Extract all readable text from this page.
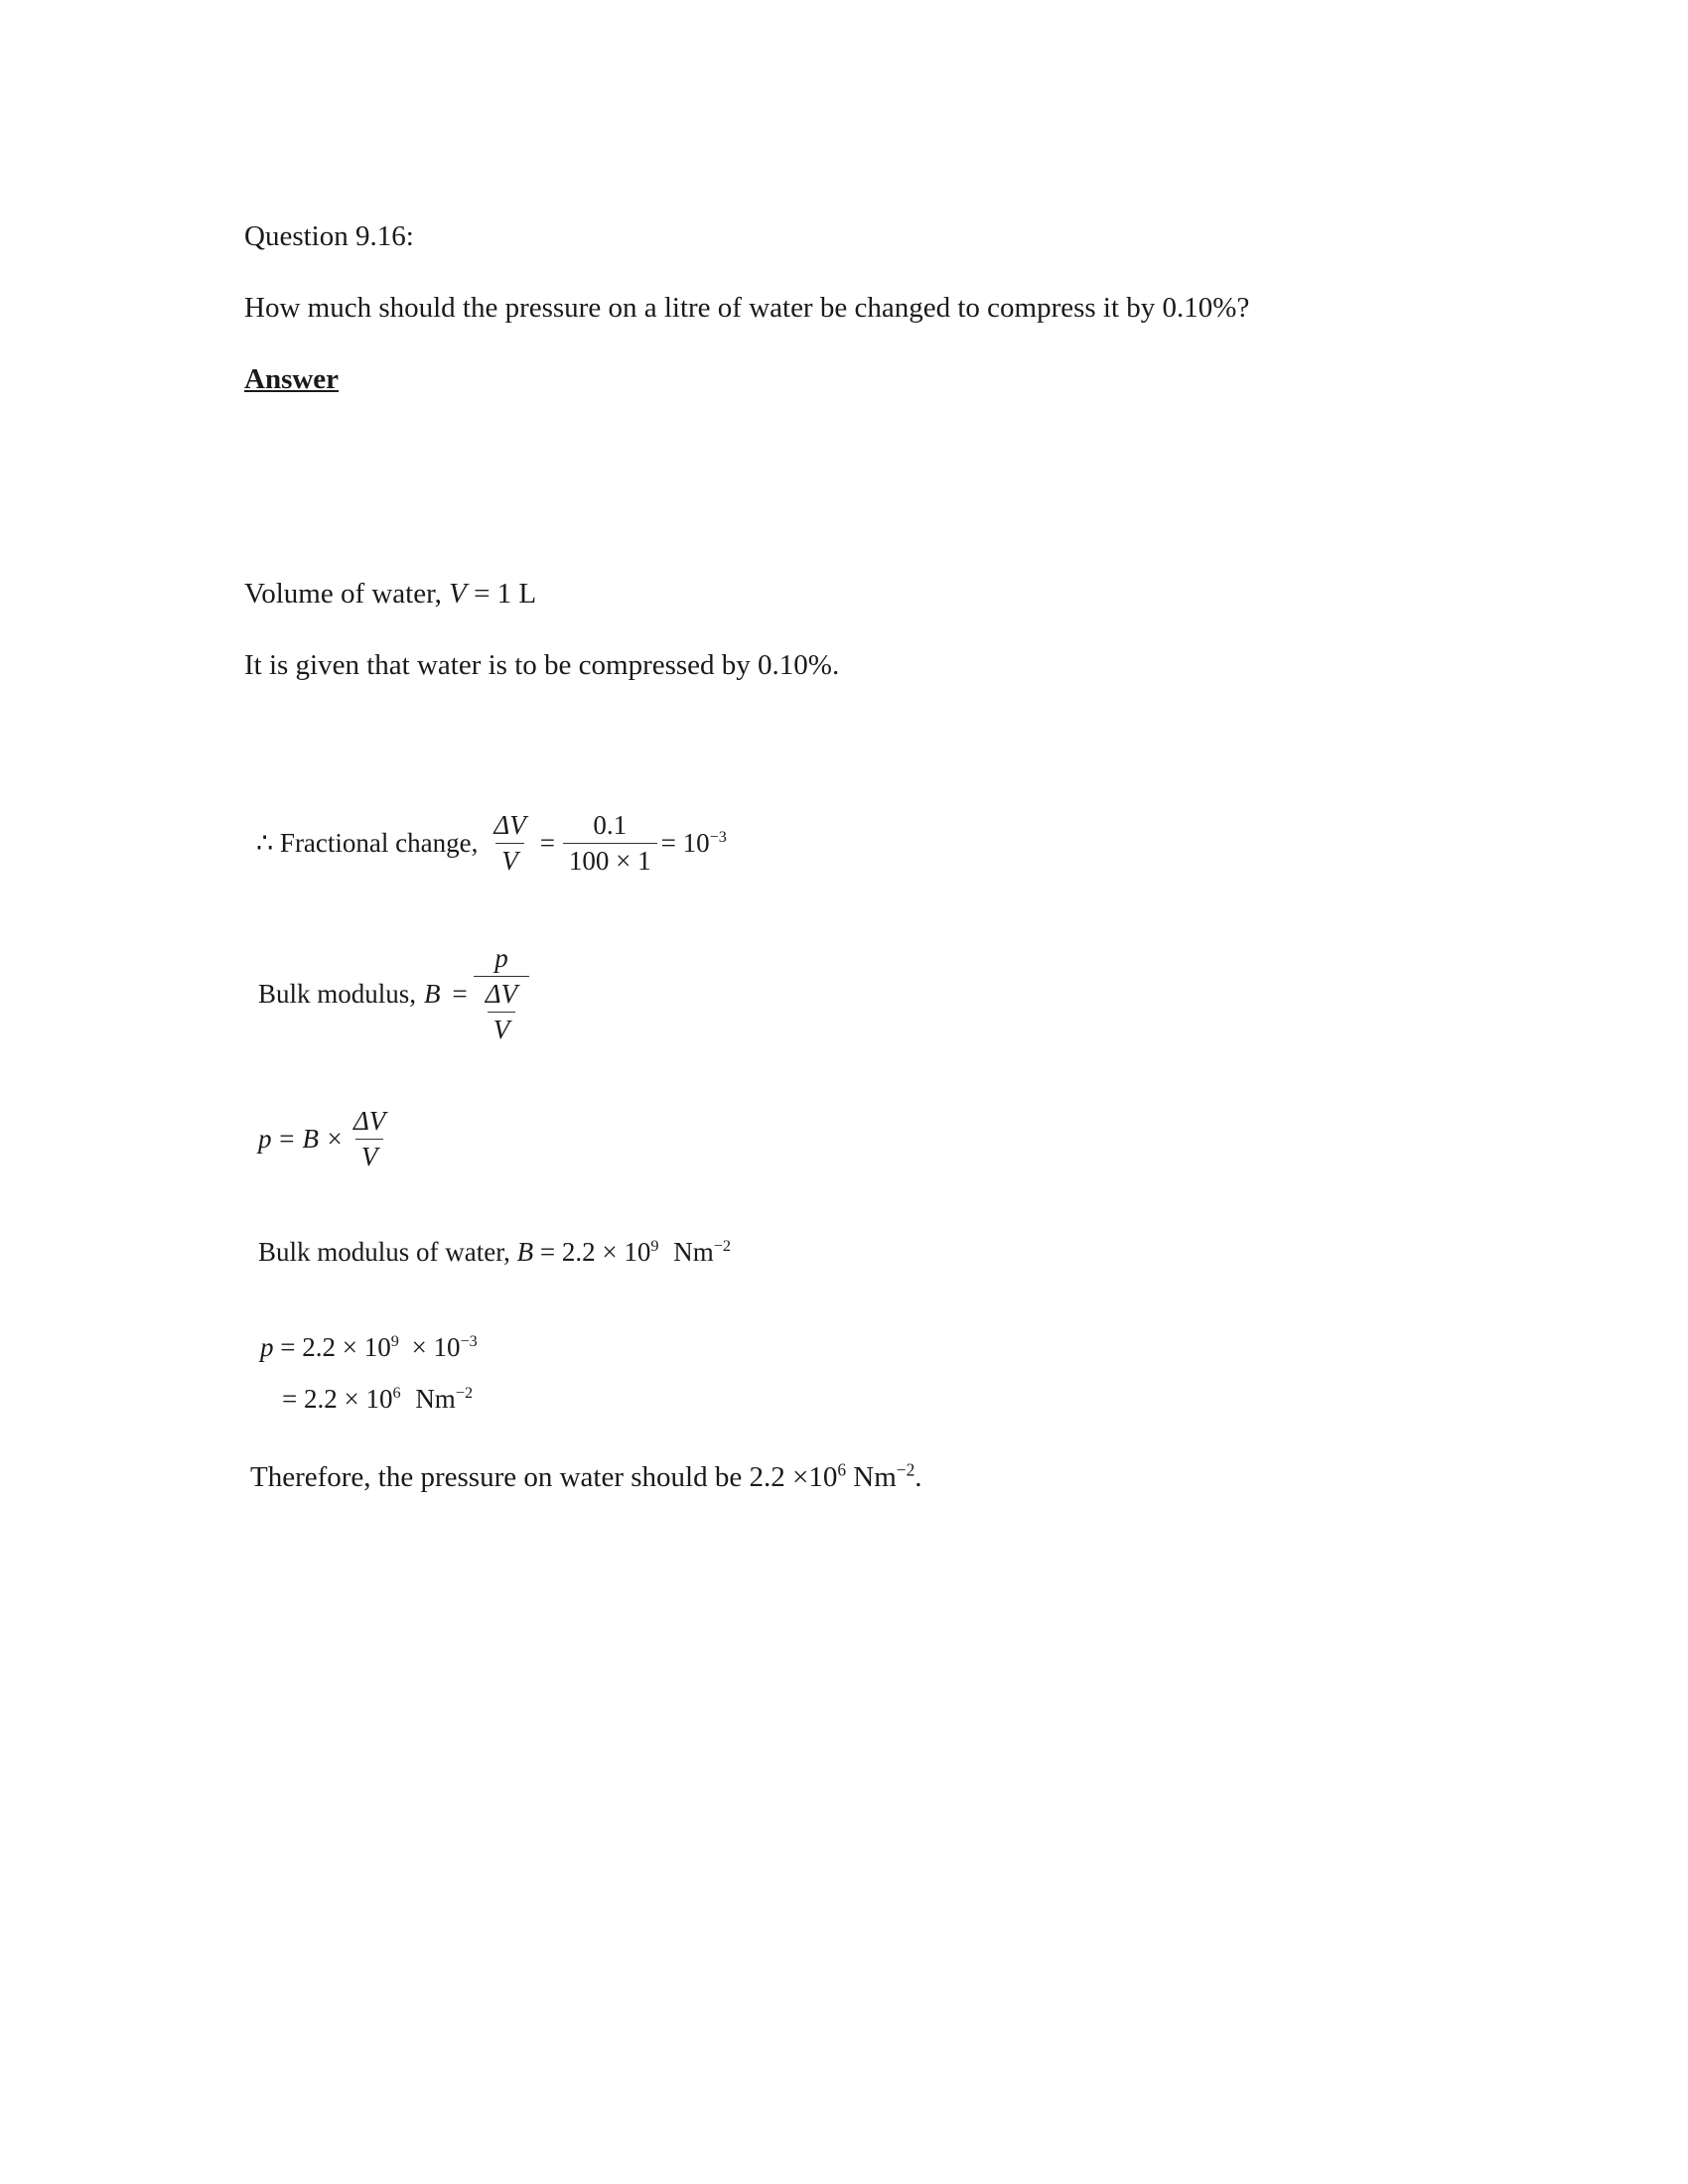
Question 9.16:
How much should the pressure on a litre of water be changed to compress it by 0.10%?
Answer
Volume of water, V = 1 L
It is given that water is to be compressed by 0.10%.
∴ Fractional change, $\frac{\Delta V}{V} = \frac{0.1}{100 \times 1} = 10^{-3}$
Bulk modulus, $B = \frac{p}{\frac{\Delta V}{V}}$
$p = B \times \frac{\Delta V}{V}$
Bulk modulus of water, $B = 2.2 \times 10^9$ $Nm^{-2}$
$p = 2.2 \times 10^9 \times 10^{-3}$
= $2.2 \times 10^6$ $Nm^{-2}$
Therefore, the pressure on water should be $2.2 \times 10^6$ $Nm^{-2}$.
